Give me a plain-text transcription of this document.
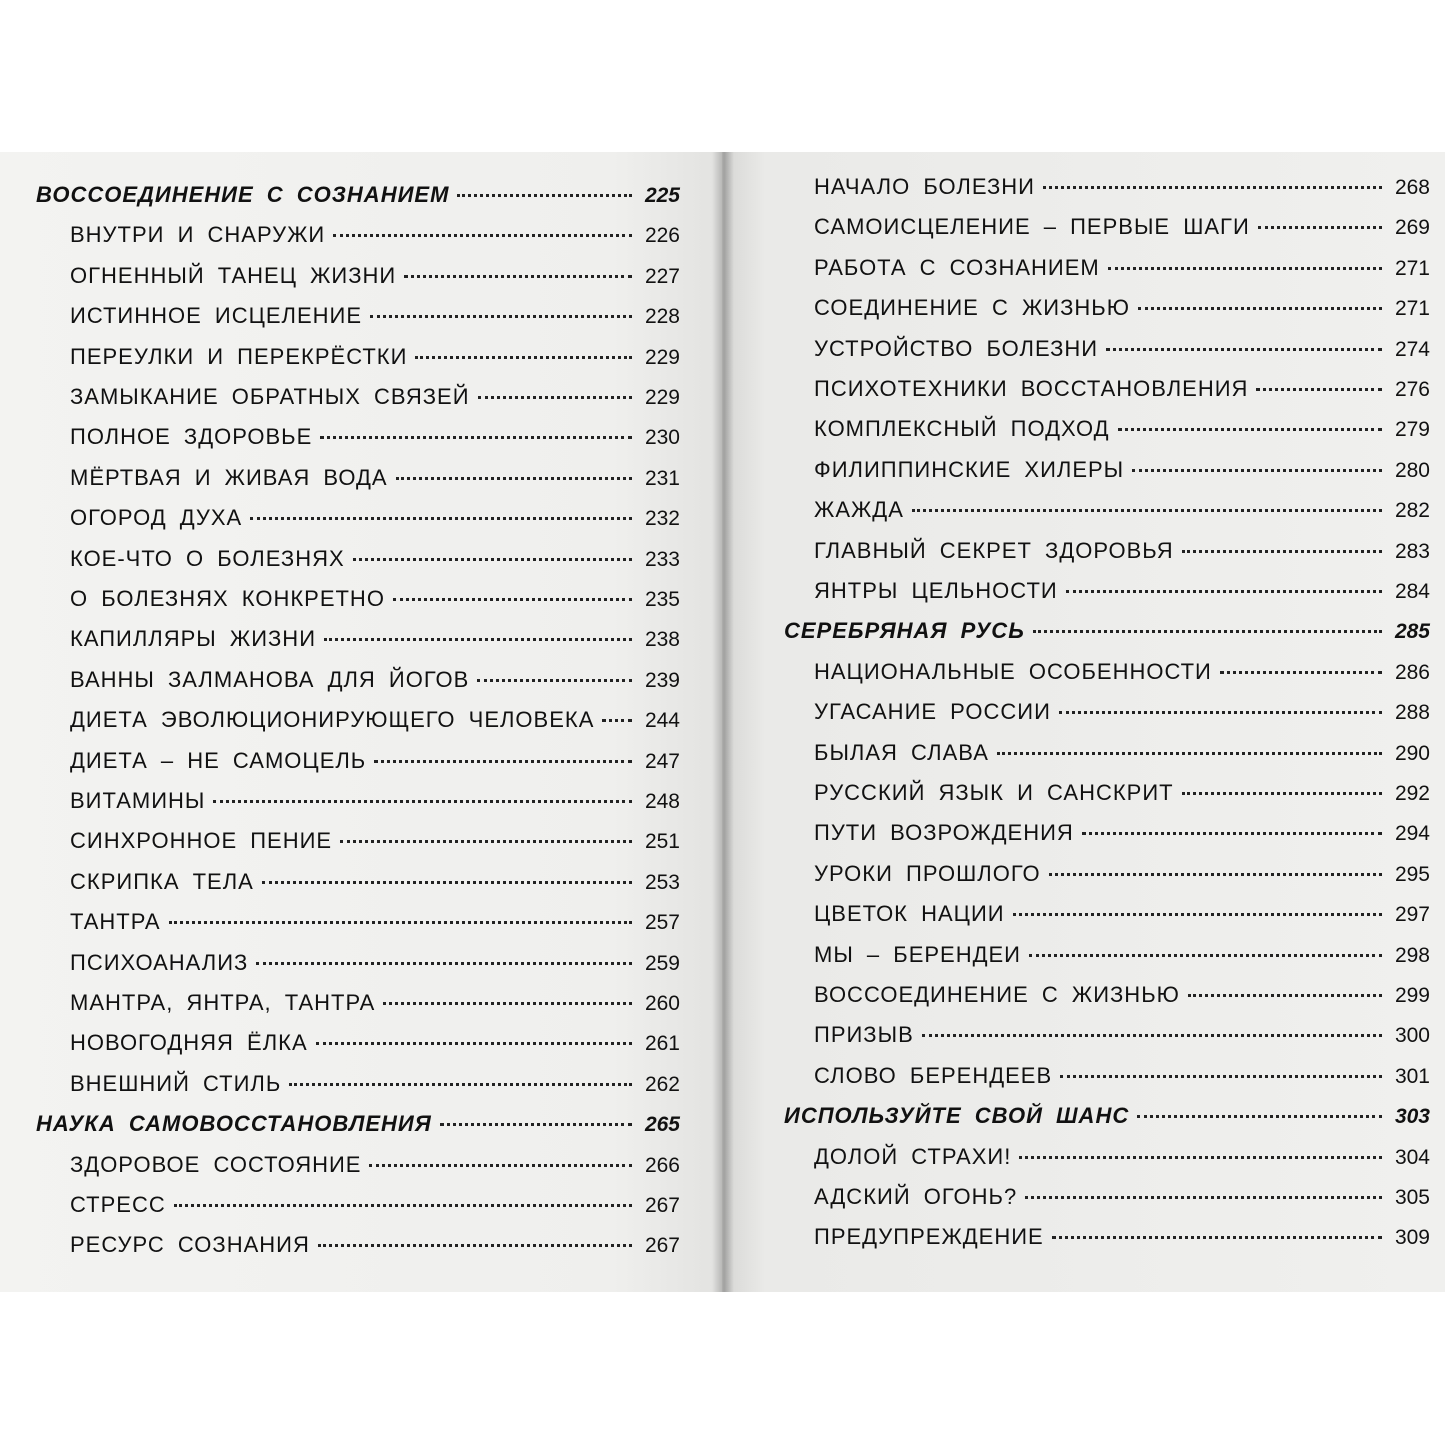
ВОССОЕДИНЕНИЕ С СОЗНАНИЕМ	225
ВНУТРИ И СНАРУЖИ	226
ОГНЕННЫЙ ТАНЕЦ ЖИЗНИ	227
ИСТИННОЕ ИСЦЕЛЕНИЕ	228
ПЕРЕУЛКИ И ПЕРЕКРЁСТКИ	229
ЗАМЫКАНИЕ ОБРАТНЫХ СВЯЗЕЙ	229
ПОЛНОЕ ЗДОРОВЬЕ	230
МЁРТВАЯ И ЖИВАЯ ВОДА	231
ОГОРОД ДУХА	232
КОЕ-ЧТО О БОЛЕЗНЯХ	233
О БОЛЕЗНЯХ КОНКРЕТНО	235
КАПИЛЛЯРЫ ЖИЗНИ	238
ВАННЫ ЗАЛМАНОВА ДЛЯ ЙОГОВ	239
ДИЕТА ЭВОЛЮЦИОНИРУЮЩЕГО ЧЕЛОВЕКА 244
ДИЕТА – НЕ САМОЦЕЛЬ	247
ВИТАМИНЫ	248
СИНХРОННОЕ ПЕНИЕ	251
СКРИПКА ТЕЛА	253
ТАНТРА	257
ПСИХОАНАЛИЗ	259
МАНТРА, ЯНТРА, ТАНТРА	260
НОВОГОДНЯЯ ЁЛКА	261
ВНЕШНИЙ СТИЛЬ	262
НАУКА САМОВОССТАНОВЛЕНИЯ	265
ЗДОРОВОЕ СОСТОЯНИЕ	266
СТРЕСС	267
РЕСУРС СОЗНАНИЯ	267
НАЧАЛО БОЛЕЗНИ	268
САМОИСЦЕЛЕНИЕ – ПЕРВЫЕ ШАГИ	269
РАБОТА С СОЗНАНИЕМ	271
СОЕДИНЕНИЕ С ЖИЗНЬЮ	271
УСТРОЙСТВО БОЛЕЗНИ	274
ПСИХОТЕХНИКИ ВОССТАНОВЛЕНИЯ	276
КОМПЛЕКСНЫЙ ПОДХОД	279
ФИЛИППИНСКИЕ ХИЛЕРЫ	280
ЖАЖДА	282
ГЛАВНЫЙ СЕКРЕТ ЗДОРОВЬЯ	283
ЯНТРЫ ЦЕЛЬНОСТИ	284
СЕРЕБРЯНАЯ РУСЬ	285
НАЦИОНАЛЬНЫЕ ОСОБЕННОСТИ	286
УГАСАНИЕ РОССИИ	288
БЫЛАЯ СЛАВА	290
РУССКИЙ ЯЗЫК И САНСКРИТ	292
ПУТИ ВОЗРОЖДЕНИЯ	294
УРОКИ ПРОШЛОГО	295
ЦВЕТОК НАЦИИ	297
МЫ – БЕРЕНДЕИ	298
ВОССОЕДИНЕНИЕ С ЖИЗНЬЮ	299
ПРИЗЫВ	300
СЛОВО БЕРЕНДЕЕВ	301
ИСПОЛЬЗУЙТЕ СВОЙ ШАНС	303
ДОЛОЙ СТРАХИ!	304
АДСКИЙ ОГОНЬ?	305
ПРЕДУПРЕЖДЕНИЕ	309
